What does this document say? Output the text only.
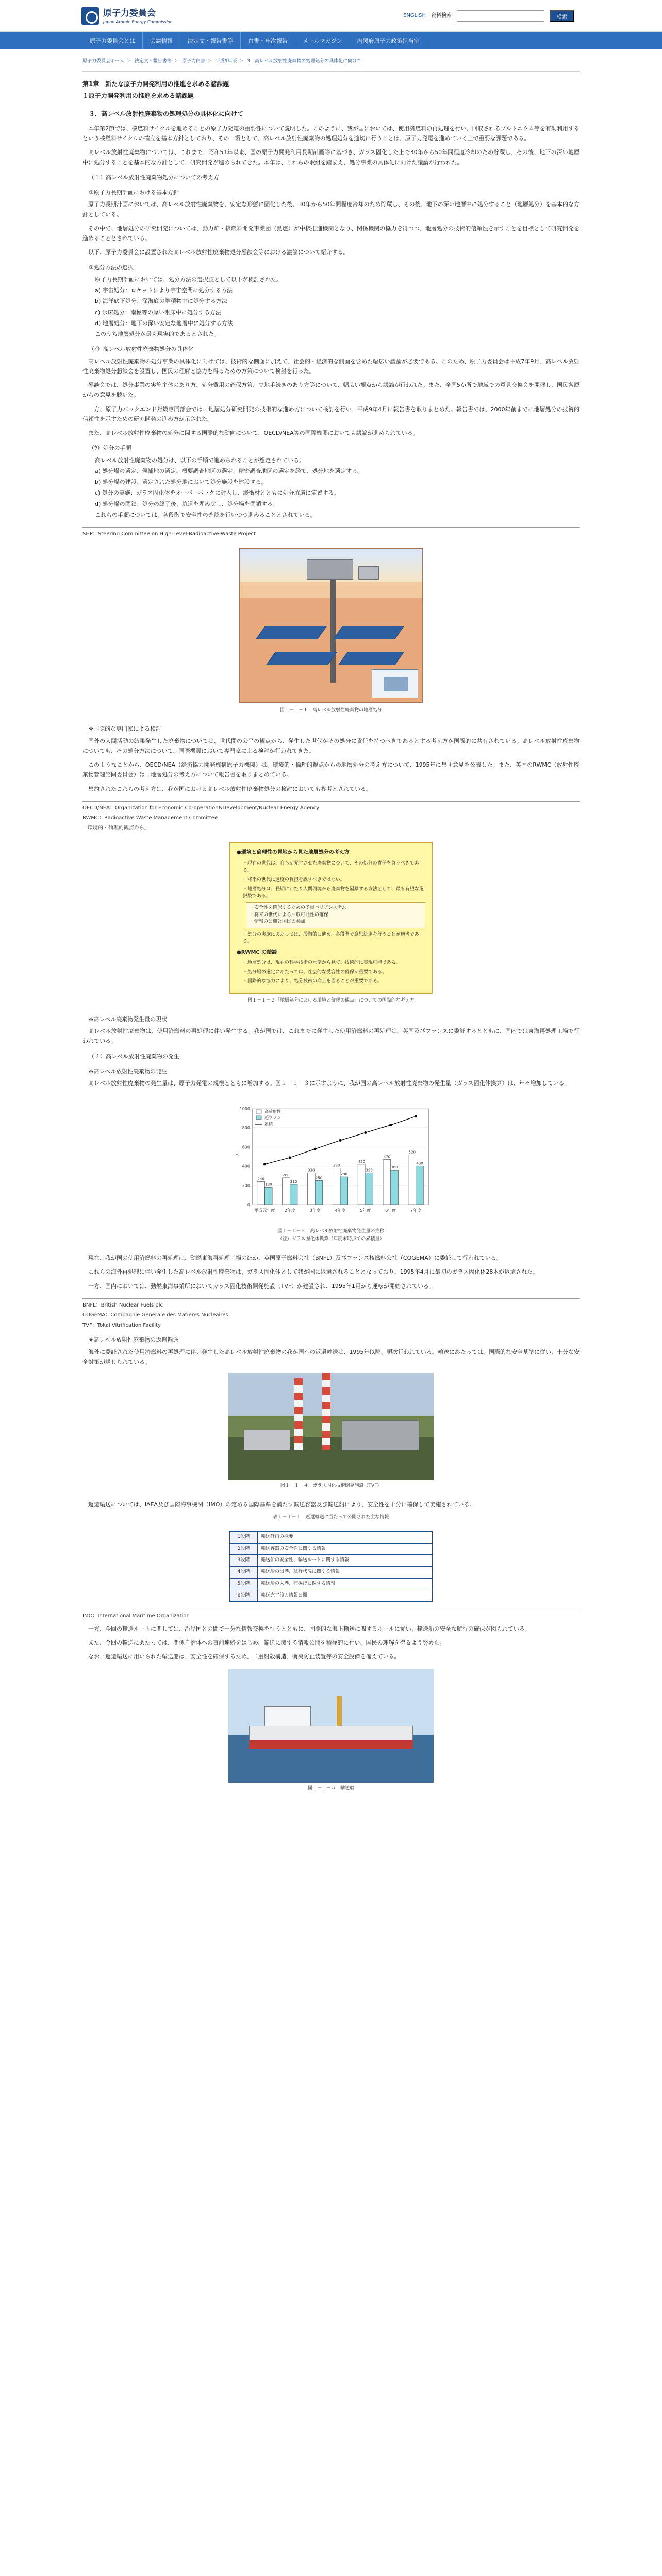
原子力委員会
Japan Atomic Energy Commission
ENGLISH 資料検索	検索
原子力委員会とは	会議情報	決定文・報告書等	白書・年次報告	メールマガジン	内閣府原子力政策担当室
原子力委員会ホーム ＞ 決定文・報告書等 ＞ 原子力白書 ＞ 平成9年版 ＞ 3．高レベル放射性廃棄物の処理処分の具体化に向けて
第1章　新たな原子力開発利用の推進を求める諸課題
１原子力開発利用の推進を求める諸課題
３．高レベル放射性廃棄物の処理処分の具体化に向けて

本年第2節では、核燃料サイクルを進めることの原子力発電の重要性について説明した。このように、我が国においては、使用済燃料の再処理を行い、回収されるプルトニウム等を有効利用するという核燃料サイクルの確立を基本方針としており、その一環として、高レベル放射性廃棄物の処理処分を適切に行うことは、原子力発電を進めていく上で重要な課題である。

高レベル放射性廃棄物については、これまで、昭和51年以来、国の原子力開発利用長期計画等に基づき、ガラス固化した上で30年から50年間程度冷却のため貯蔵し、その後、地下の深い地層中に処分することを基本的な方針として、研究開発が進められてきた。本年は、これらの取組を踏まえ、処分事業の具体化に向けた議論が行われた。

（１）高レベル放射性廃棄物処分についての考え方
①原子力長期計画における基本方針

原子力長期計画においては、高レベル放射性廃棄物を、安定な形態に固化した後、30年から50年間程度冷却のため貯蔵し、その後、地下の深い地層中に処分すること（地層処分）を基本的な方針としている。

その中で、地層処分の研究開発については、動力炉・核燃料開発事業団（動燃）が中核推進機関となり、関係機関の協力を得つつ、地層処分の技術的信頼性を示すことを目標として研究開発を進めることとされている。

以下、原子力委員会に設置された高レベル放射性廃棄物処分懇談会等における議論について紹介する。

②処分方法の選択

原子力長期計画においては、処分方法の選択肢として以下が検討された。

a) 宇宙処分：ロケットにより宇宙空間に処分する方法

b) 海洋底下処分：深海底の堆積物中に処分する方法

c) 氷床処分：南極等の厚い氷床中に処分する方法

d) 地層処分：地下の深い安定な地層中に処分する方法

このうち地層処分が最も現実的であるとされた。

（ｲ）高レベル放射性廃棄物処分の具体化

高レベル放射性廃棄物の処分事業の具体化に向けては、技術的な側面に加えて、社会的・経済的な側面を含めた幅広い議論が必要である。このため、原子力委員会は平成7年9月、高レベル放射性廃棄物処分懇談会を設置し、国民の理解と協力を得るための方策について検討を行った。

懇談会では、処分事業の実施主体のあり方、処分費用の確保方策、立地手続きのあり方等について、幅広い観点から議論が行われた。また、全国5か所で地域での意見交換会を開催し、国民各層からの意見を聴いた。

一方、原子力バックエンド対策専門部会では、地層処分研究開発の技術的な進め方について検討を行い、平成9年4月に報告書を取りまとめた。報告書では、2000年前までに地層処分の技術的信頼性を示すための研究開発の進め方が示された。

また、高レベル放射性廃棄物の処分に関する国際的な動向について、OECD/NEA等の国際機関においても議論が進められている。

（ｳ）処分の手順

高レベル放射性廃棄物の処分は、以下の手順で進められることが想定されている。

a) 処分場の選定：候補地の選定、概要調査地区の選定、精密調査地区の選定を経て、処分地を選定する。

b) 処分場の建設：選定された処分地において処分施設を建設する。

c) 処分の実施：ガラス固化体をオーバーパックに封入し、緩衝材とともに処分坑道に定置する。

d) 処分場の閉鎖：処分の終了後、坑道を埋め戻し、処分場を閉鎖する。

これらの手順については、各段階で安全性の確認を行いつつ進めることとされている。

SHP：Steering Committee on High-Level-Radioactive-Waste Project

図１－１－１　高レベル放射性廃棄物の地層処分
※国際的な専門家による検討

国外の人間活動の結果発生した廃棄物については、世代間の公平の観点から、発生した世代がその処分に責任を持つべきであるとする考え方が国際的に共有されている。高レベル放射性廃棄物についても、その処分方法について、国際機関において専門家による検討が行われてきた。

このようなことから、OECD/NEA（経済協力開発機構原子力機関）は、環境的・倫理的観点からの地層処分の考え方について、1995年に集団意見を公表した。また、英国のRWMC（放射性廃棄物管理諮問委員会）は、地層処分の考え方について報告書を取りまとめている。

集約されたこれらの考え方は、我が国における高レベル放射性廃棄物処分の検討においても参考とされている。

OECD/NEA：Organization for Economic Co-operation&Development/Nuclear Energy Agency

RWMC：Radioactive Waste Management Committee

「環境的・倫理的観点から」

●環境と倫理性の見地から見た地層処分の考え方
・現在の世代は、自らが発生させた廃棄物について、その処分の責任を負うべきである。
・将来の世代に過度の負担を課すべきではない。
・地層処分は、長期にわたり人間環境から廃棄物を隔離する方法として、最も有望な選択肢である。
・安全性を確保するための多重バリアシステム
・将来の世代による回収可能性の確保
・情報の公開と国民の参加
・処分の実施にあたっては、段階的に進め、各段階で意思決定を行うことが適当である。
●RWMC の結論
・地層処分は、現在の科学技術の水準から見て、技術的に実現可能である。
・処分場の選定にあたっては、社会的な受容性の確保が重要である。
・国際的な協力により、処分技術の向上を図ることが重要である。
図１－１－２「地層処分における環境と倫理の観点」についての国際的な考え方
※高レベル廃棄物発生量の現状

高レベル放射性廃棄物は、使用済燃料の再処理に伴い発生する。我が国では、これまでに発生した使用済燃料の再処理は、英国及びフランスに委託するとともに、国内では東海再処理工場で行われている。

（２）高レベル放射性廃棄物の発生
※高レベル放射性廃棄物の発生

高レベル放射性廃棄物の発生量は、原子力発電の規模とともに増加する。図１－１－３に示すように、我が国の高レベル放射性廃棄物の発生量（ガラス固化体換算）は、年々増加している。

0
200
400
600
800
1000
本
240
280
330
380
420
470
520
180
210
250
290
330
360
400
平成元年度 2年度	3年度	4年度	5年度	6年度	7年度
高放射性
超ウラン
累積
図１－１－３　高レベル放射性廃棄物発生量の推移
（注）ガラス固化体換算（年度末時点での累積量）

現在、我が国の使用済燃料の再処理は、動燃東海再処理工場のほか、英国原子燃料会社（BNFL）及びフランス核燃料公社（COGEMA）に委託して行われている。

これらの海外再処理に伴い発生した高レベル放射性廃棄物は、ガラス固化体として我が国に返還されることとなっており、1995年4月に最初のガラス固化体28本が返還された。

一方、国内においては、動燃東海事業所においてガラス固化技術開発施設（TVF）が建設され、1995年1月から運転が開始されている。

BNFL：British Nuclear Fuels plc

COGEMA：Compagnie Generale des Matieres Nucleaires

TVF：Tokai Vitrification Facility

※高レベル放射性廃棄物の返還輸送

海外に委託された使用済燃料の再処理に伴い発生した高レベル放射性廃棄物の我が国への返還輸送は、1995年以降、順次行われている。輸送にあたっては、国際的な安全基準に従い、十分な安全対策が講じられている。

図１－１－４　ガラス固化技術開発施設（TVF）

返還輸送については、IAEA及び国際海事機関（IMO）の定める国際基準を満たす輸送容器及び輸送船により、安全性を十分に確保して実施されている。

表１－１－１　返還輸送に当たって公開された主な情報
1段階	輸送計画の概要
2段階	輸送容器の安全性に関する情報
3段階	輸送船の安全性、輸送ルートに関する情報
4段階	輸送船の出港、航行状況に関する情報
5段階	輸送船の入港、荷揚げに関する情報
6段階	輸送完了後の情報公開

IMO：International Maritime Organization

一方、今回の輸送ルートに関しては、沿岸国との間で十分な情報交換を行うとともに、国際的な海上輸送に関するルールに従い、輸送船の安全な航行の確保が図られている。

また、今回の輸送にあたっては、関係自治体への事前連絡をはじめ、輸送に関する情報公開を積極的に行い、国民の理解を得るよう努めた。

なお、返還輸送に用いられた輸送船は、安全性を確保するため、二重船殻構造、衝突防止装置等の安全設備を備えている。

図１－１－５　輸送船
